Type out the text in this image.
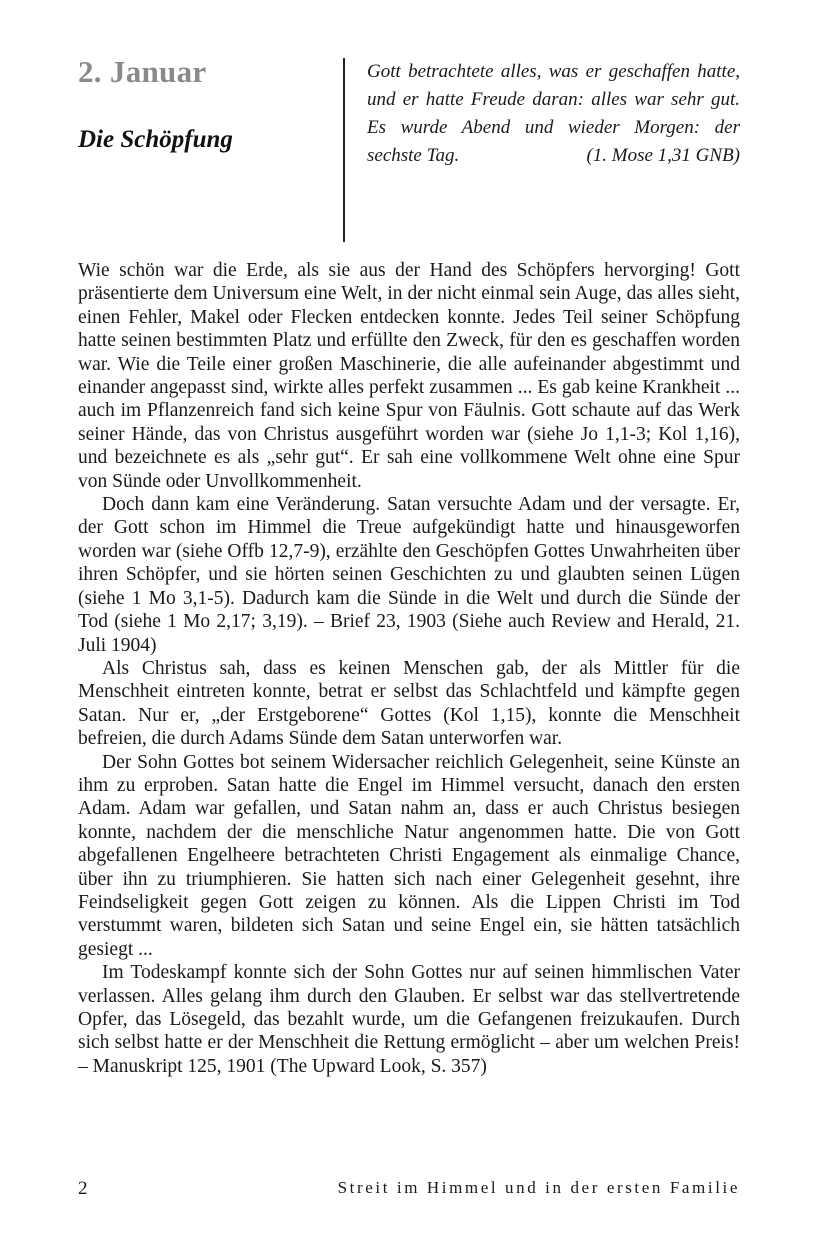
2. Januar
Die Schöpfung

Gott betrachtete alles, was er geschaffen hatte, und er hatte Freude daran: alles war sehr gut. Es wurde Abend und wieder Morgen: der sechste Tag.	(1. Mose 1,31 GNB)

Wie schön war die Erde, als sie aus der Hand des Schöpfers hervorging! Gott präsentierte dem Universum eine Welt, in der nicht einmal sein Auge, das alles sieht, einen Fehler, Makel oder Flecken entdecken konnte. Jedes Teil seiner Schöpfung hatte seinen bestimmten Platz und erfüllte den Zweck, für den es geschaffen worden war. Wie die Teile einer großen Maschinerie, die alle aufeinander abgestimmt und einander angepasst sind, wirkte alles perfekt zusammen ... Es gab keine Krankheit ... auch im Pflanzenreich fand sich keine Spur von Fäulnis. Gott schaute auf das Werk seiner Hände, das von Christus ausgeführt worden war (siehe Jo 1,1-3; Kol 1,16), und bezeichnete es als „sehr gut“. Er sah eine vollkommene Welt ohne eine Spur von Sünde oder Unvollkommenheit.

Doch dann kam eine Veränderung. Satan versuchte Adam und der versagte. Er, der Gott schon im Himmel die Treue aufgekündigt hatte und hinausgeworfen worden war (siehe Offb 12,7-9), erzählte den Geschöpfen Gottes Unwahrheiten über ihren Schöpfer, und sie hörten seinen Geschichten zu und glaubten seinen Lügen (siehe 1 Mo 3,1-5). Dadurch kam die Sünde in die Welt und durch die Sünde der Tod (siehe 1 Mo 2,17; 3,19). – Brief 23, 1903 (Siehe auch Review and Herald, 21. Juli 1904)

Als Christus sah, dass es keinen Menschen gab, der als Mittler für die Menschheit eintreten konnte, betrat er selbst das Schlachtfeld und kämpfte gegen Satan. Nur er, „der Erstgeborene“ Gottes (Kol 1,15), konnte die Menschheit befreien, die durch Adams Sünde dem Satan unterworfen war.

Der Sohn Gottes bot seinem Widersacher reichlich Gelegenheit, seine Künste an ihm zu erproben. Satan hatte die Engel im Himmel versucht, danach den ersten Adam. Adam war gefallen, und Satan nahm an, dass er auch Christus besiegen konnte, nachdem der die menschliche Natur angenommen hatte. Die von Gott abgefallenen Engelheere betrachteten Christi Engagement als einmalige Chance, über ihn zu triumphieren. Sie hatten sich nach einer Gelegenheit gesehnt, ihre Feindseligkeit gegen Gott zeigen zu können. Als die Lippen Christi im Tod verstummt waren, bildeten sich Satan und seine Engel ein, sie hätten tatsächlich gesiegt ...

Im Todeskampf konnte sich der Sohn Gottes nur auf seinen himmlischen Vater verlassen. Alles gelang ihm durch den Glauben. Er selbst war das stellvertretende Opfer, das Lösegeld, das bezahlt wurde, um die Gefangenen freizukaufen. Durch sich selbst hatte er der Menschheit die Rettung ermöglicht – aber um welchen Preis! – Manuskript 125, 1901 (The Upward Look, S. 357)

2	Streit im Himmel und in der ersten Familie
